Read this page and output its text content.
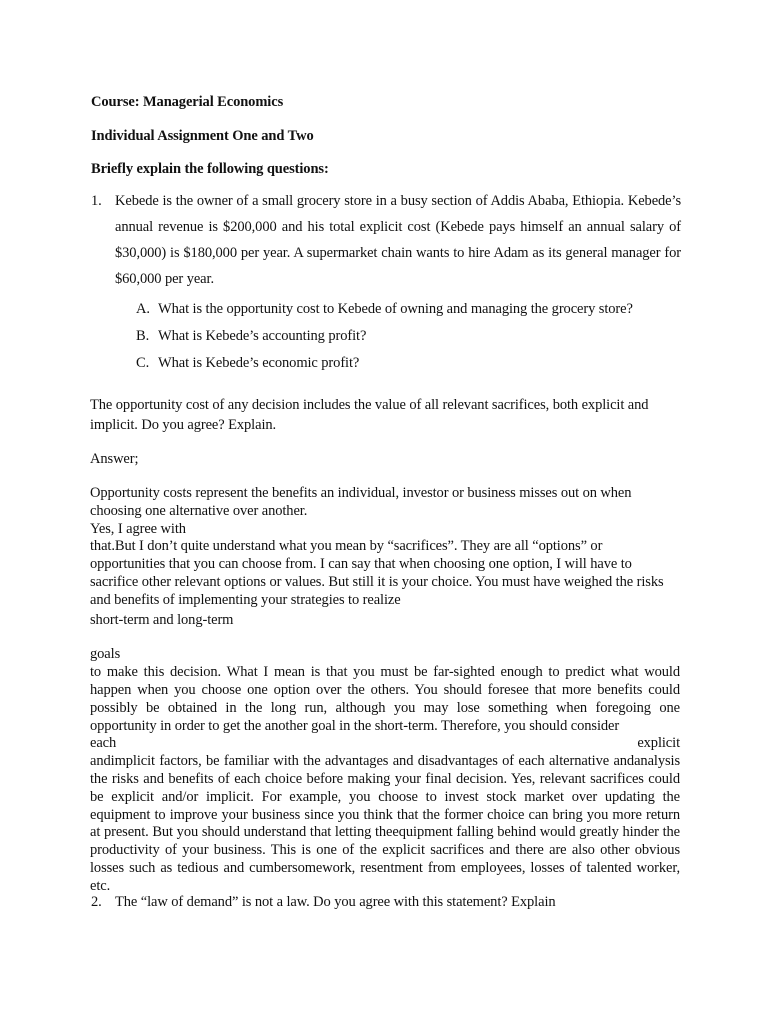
Course: Managerial Economics
Individual Assignment One and Two
Briefly explain the following questions:
1. Kebede is the owner of a small grocery store in a busy section of Addis Ababa, Ethiopia. Kebede’s annual revenue is $200,000 and his total explicit cost (Kebede pays himself an annual salary of $30,000) is $180,000 per year. A supermarket chain wants to hire Adam as its general manager for $60,000 per year.
A. What is the opportunity cost to Kebede of owning and managing the grocery store?
B. What is Kebede’s accounting profit?
C. What is Kebede’s economic profit?
The opportunity cost of any decision includes the value of all relevant sacrifices, both explicit and implicit. Do you agree? Explain.
Answer;

Opportunity costs represent the benefits an individual, investor or business misses out on when choosing one alternative over another.

Yes, I agree with

that.But I don’t quite understand what you mean by “sacrifices”. They are all “options” or opportunities that you can choose from. I can say that when choosing one option, I will have to sacrifice other relevant options or values. But still it is your choice. You must have weighed the risks and benefits of implementing your strategies to realize

short-term and long-term

goals

to make this decision. What I mean is that you must be far-sighted enough to predict what would happen when you choose one option over the others. You should foresee that more benefits could possibly be obtained in the long run, although you may lose something when foregoing one opportunity in order to get the another goal in the short-term. Therefore, you should consider

each	explicit

andimplicit factors, be familiar with the advantages and disadvantages of each alternative andanalysis the risks and benefits of each choice before making your final decision. Yes, relevant sacrifices could be explicit and/or implicit. For example, you choose to invest stock market over updating the equipment to improve your business since you think that the former choice can bring you more return at present. But you should understand that letting theequipment falling behind would greatly hinder the productivity of your business. This is one of the explicit sacrifices and there are also other obvious losses such as tedious and cumbersomework, resentment from employees, losses of talented worker, etc.

2. The “law of demand” is not a law. Do you agree with this statement? Explain
